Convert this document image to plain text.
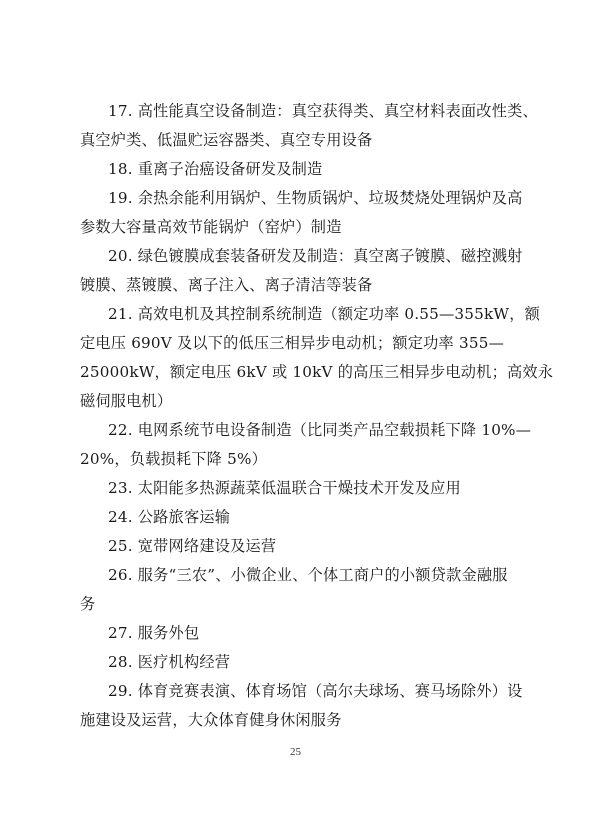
17. 高性能真空设备制造：真空获得类、真空材料表面改性类、
真空炉类、低温贮运容器类、真空专用设备
18. 重离子治癌设备研发及制造
19. 余热余能利用锅炉、生物质锅炉、垃圾焚烧处理锅炉及高
参数大容量高效节能锅炉（窑炉）制造
20. 绿色镀膜成套装备研发及制造：真空离子镀膜、磁控溅射
镀膜、蒸镀膜、离子注入、离子清洁等装备
21. 高效电机及其控制系统制造（额定功率 0.55—355kW，额
定电压 690V 及以下的低压三相异步电动机；额定功率 355—
25000kW，额定电压 6kV 或 10kV 的高压三相异步电动机；高效永
磁伺服电机）
22. 电网系统节电设备制造（比同类产品空载损耗下降 10%—
20%，负载损耗下降 5%）
23. 太阳能多热源蔬菜低温联合干燥技术开发及应用
24. 公路旅客运输
25. 宽带网络建设及运营
26. 服务“三农”、小微企业、个体工商户的小额贷款金融服
务
27. 服务外包
28. 医疗机构经营
29. 体育竞赛表演、体育场馆（高尔夫球场、赛马场除外）设
施建设及运营，大众体育健身休闲服务
25
